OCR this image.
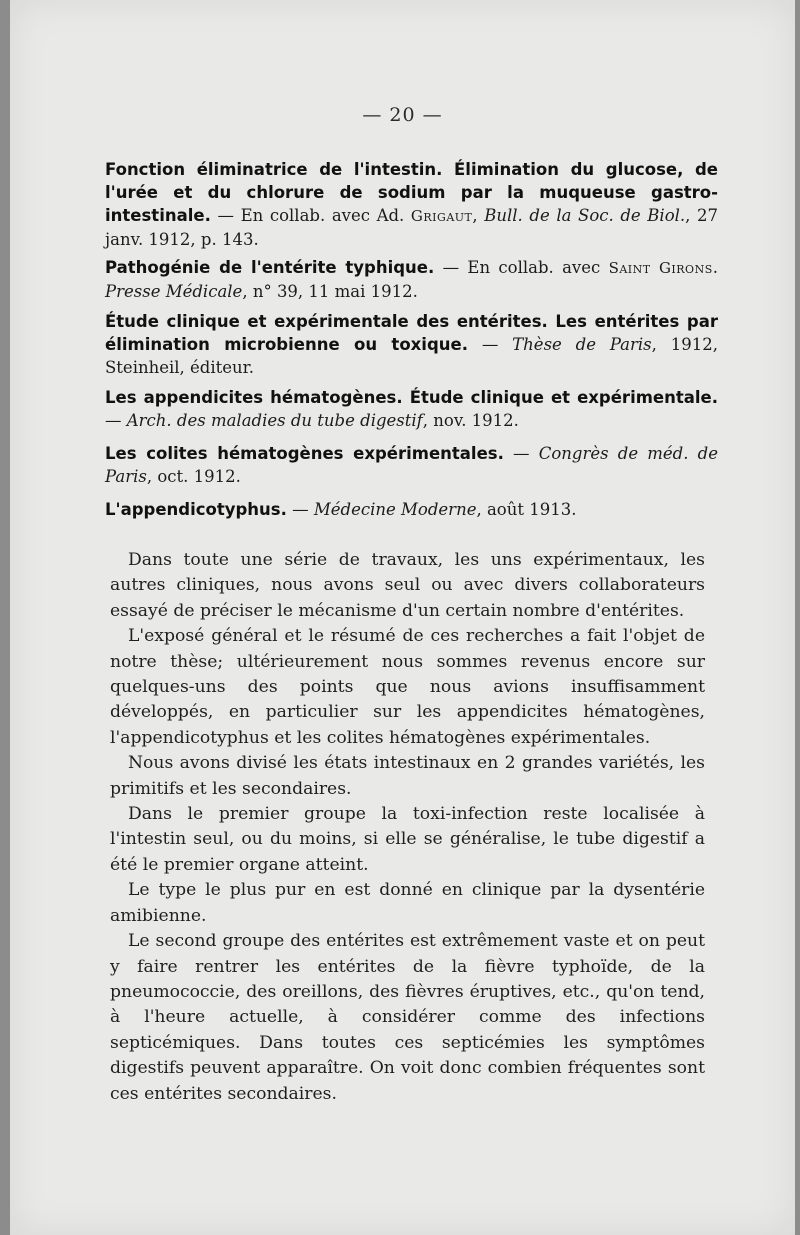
— 20 —
Fonction éliminatrice de l'intestin. Élimination du glucose, de l'urée et du chlorure de sodium par la muqueuse gastro-intestinale. — En collab. avec Ad. Grigaut, Bull. de la Soc. de Biol., 27 janv. 1912, p. 143.
Pathogénie de l'entérite typhique. — En collab. avec Saint Girons. Presse Médicale, n° 39, 11 mai 1912.
Étude clinique et expérimentale des entérites. Les entérites par élimination microbienne ou toxique. — Thèse de Paris, 1912, Steinheil, éditeur.
Les appendicites hématogènes. Étude clinique et expérimentale. — Arch. des maladies du tube digestif, nov. 1912.
Les colites hématogènes expérimentales. — Congrès de méd. de Paris, oct. 1912.
L'appendicotyphus. — Médecine Moderne, août 1913.

Dans toute une série de travaux, les uns expérimentaux, les autres cliniques, nous avons seul ou avec divers collaborateurs essayé de préciser le mécanisme d'un certain nombre d'entérites.

L'exposé général et le résumé de ces recherches a fait l'objet de notre thèse; ultérieurement nous sommes revenus encore sur quelques-uns des points que nous avions insuffisamment développés, en particulier sur les appendicites hématogènes, l'appendicotyphus et les colites hématogènes expérimentales.

Nous avons divisé les états intestinaux en 2 grandes variétés, les primitifs et les secondaires.

Dans le premier groupe la toxi-infection reste localisée à l'intestin seul, ou du moins, si elle se généralise, le tube digestif a été le premier organe atteint.

Le type le plus pur en est donné en clinique par la dysentérie amibienne.

Le second groupe des entérites est extrêmement vaste et on peut y faire rentrer les entérites de la fièvre typhoïde, de la pneumococcie, des oreillons, des fièvres éruptives, etc., qu'on tend, à l'heure actuelle, à considérer comme des infections septicémiques. Dans toutes ces septicémies les symptômes digestifs peuvent apparaître. On voit donc combien fréquentes sont ces entérites secondaires.
